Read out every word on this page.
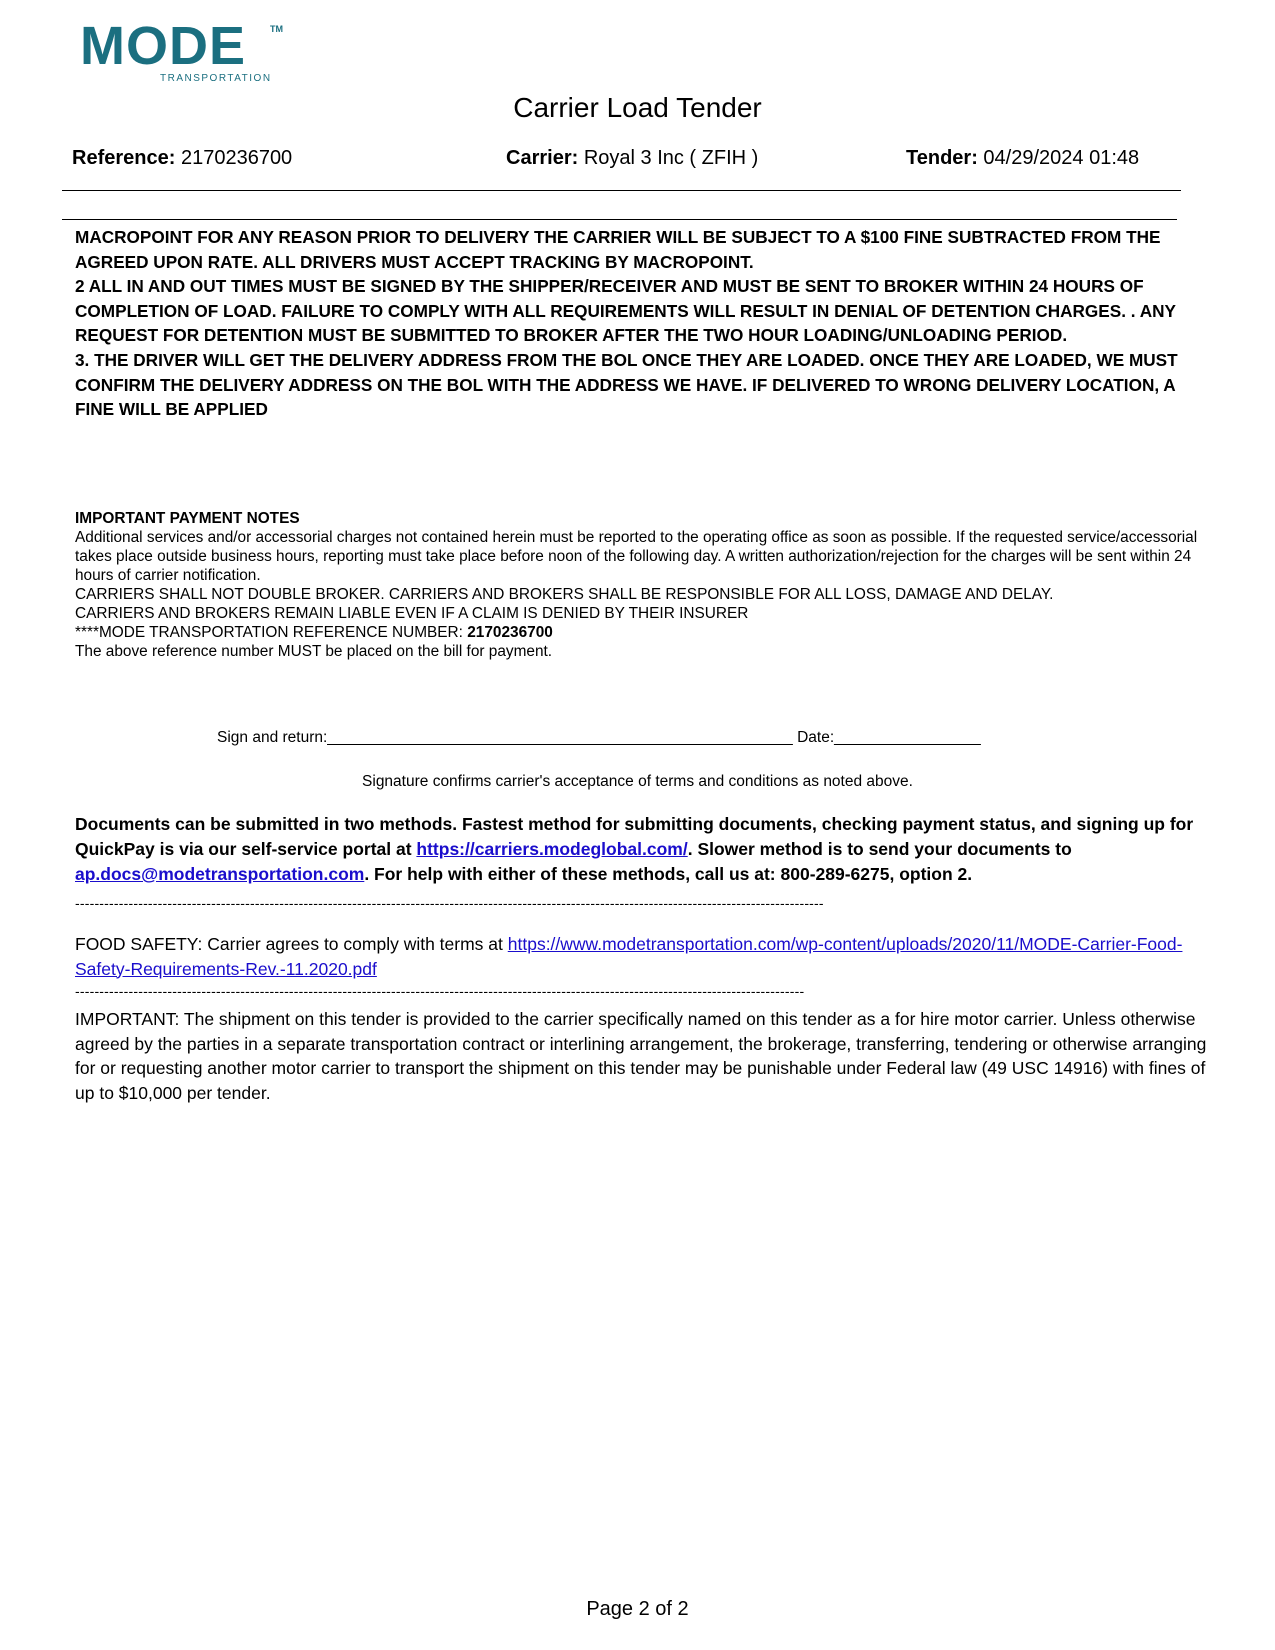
MODE	TM
TRANSPORTATION
Carrier Load Tender
Reference: 2170236700	Carrier: Royal 3 Inc ( ZFIH )	Tender: 04/29/2024 01:48
MACROPOINT FOR ANY REASON PRIOR TO DELIVERY THE CARRIER WILL BE SUBJECT TO A $100 FINE SUBTRACTED FROM THE AGREED UPON RATE. ALL DRIVERS MUST ACCEPT TRACKING BY MACROPOINT.
2 ALL IN AND OUT TIMES MUST BE SIGNED BY THE SHIPPER/RECEIVER AND MUST BE SENT TO BROKER WITHIN 24 HOURS OF COMPLETION OF LOAD. FAILURE TO COMPLY WITH ALL REQUIREMENTS WILL RESULT IN DENIAL OF DETENTION CHARGES. . ANY REQUEST FOR DETENTION MUST BE SUBMITTED TO BROKER AFTER THE TWO HOUR LOADING/UNLOADING PERIOD.
3. THE DRIVER WILL GET THE DELIVERY ADDRESS FROM THE BOL ONCE THEY ARE LOADED. ONCE THEY ARE LOADED, WE MUST CONFIRM THE DELIVERY ADDRESS ON THE BOL WITH THE ADDRESS WE HAVE. IF DELIVERED TO WRONG DELIVERY LOCATION, A FINE WILL BE APPLIED
IMPORTANT PAYMENT NOTES
Additional services and/or accessorial charges not contained herein must be reported to the operating office as soon as possible. If the requested service/accessorial takes place outside business hours, reporting must take place before noon of the following day. A written authorization/rejection for the charges will be sent within 24 hours of carrier notification.
CARRIERS SHALL NOT DOUBLE BROKER. CARRIERS AND BROKERS SHALL BE RESPONSIBLE FOR ALL LOSS, DAMAGE AND DELAY.
CARRIERS AND BROKERS REMAIN LIABLE EVEN IF A CLAIM IS DENIED BY THEIR INSURER
****MODE TRANSPORTATION REFERENCE NUMBER: 2170236700
The above reference number MUST be placed on the bill for payment.
Sign and return:______________________________________________________ Date:_________________
Signature confirms carrier's acceptance of terms and conditions as noted above.
Documents can be submitted in two methods. Fastest method for submitting documents, checking payment status, and signing up for QuickPay is via our self-service portal at https://carriers.modeglobal.com/. Slower method is to send your documents to ap.docs@modetransportation.com. For help with either of these methods, call us at: 800-289-6275, option 2.
----------------------------------------------------------------------------------------------------------------------------------------------------------
FOOD SAFETY: Carrier agrees to comply with terms at https://www.modetransportation.com/wp-content/uploads/2020/11/MODE-Carrier-Food-Safety-Requirements-Rev.-11.2020.pdf
------------------------------------------------------------------------------------------------------------------------------------------------------
IMPORTANT: The shipment on this tender is provided to the carrier specifically named on this tender as a for hire motor carrier. Unless otherwise agreed by the parties in a separate transportation contract or interlining arrangement, the brokerage, transferring, tendering or otherwise arranging for or requesting another motor carrier to transport the shipment on this tender may be punishable under Federal law (49 USC 14916) with fines of up to $10,000 per tender.
Page 2 of 2
